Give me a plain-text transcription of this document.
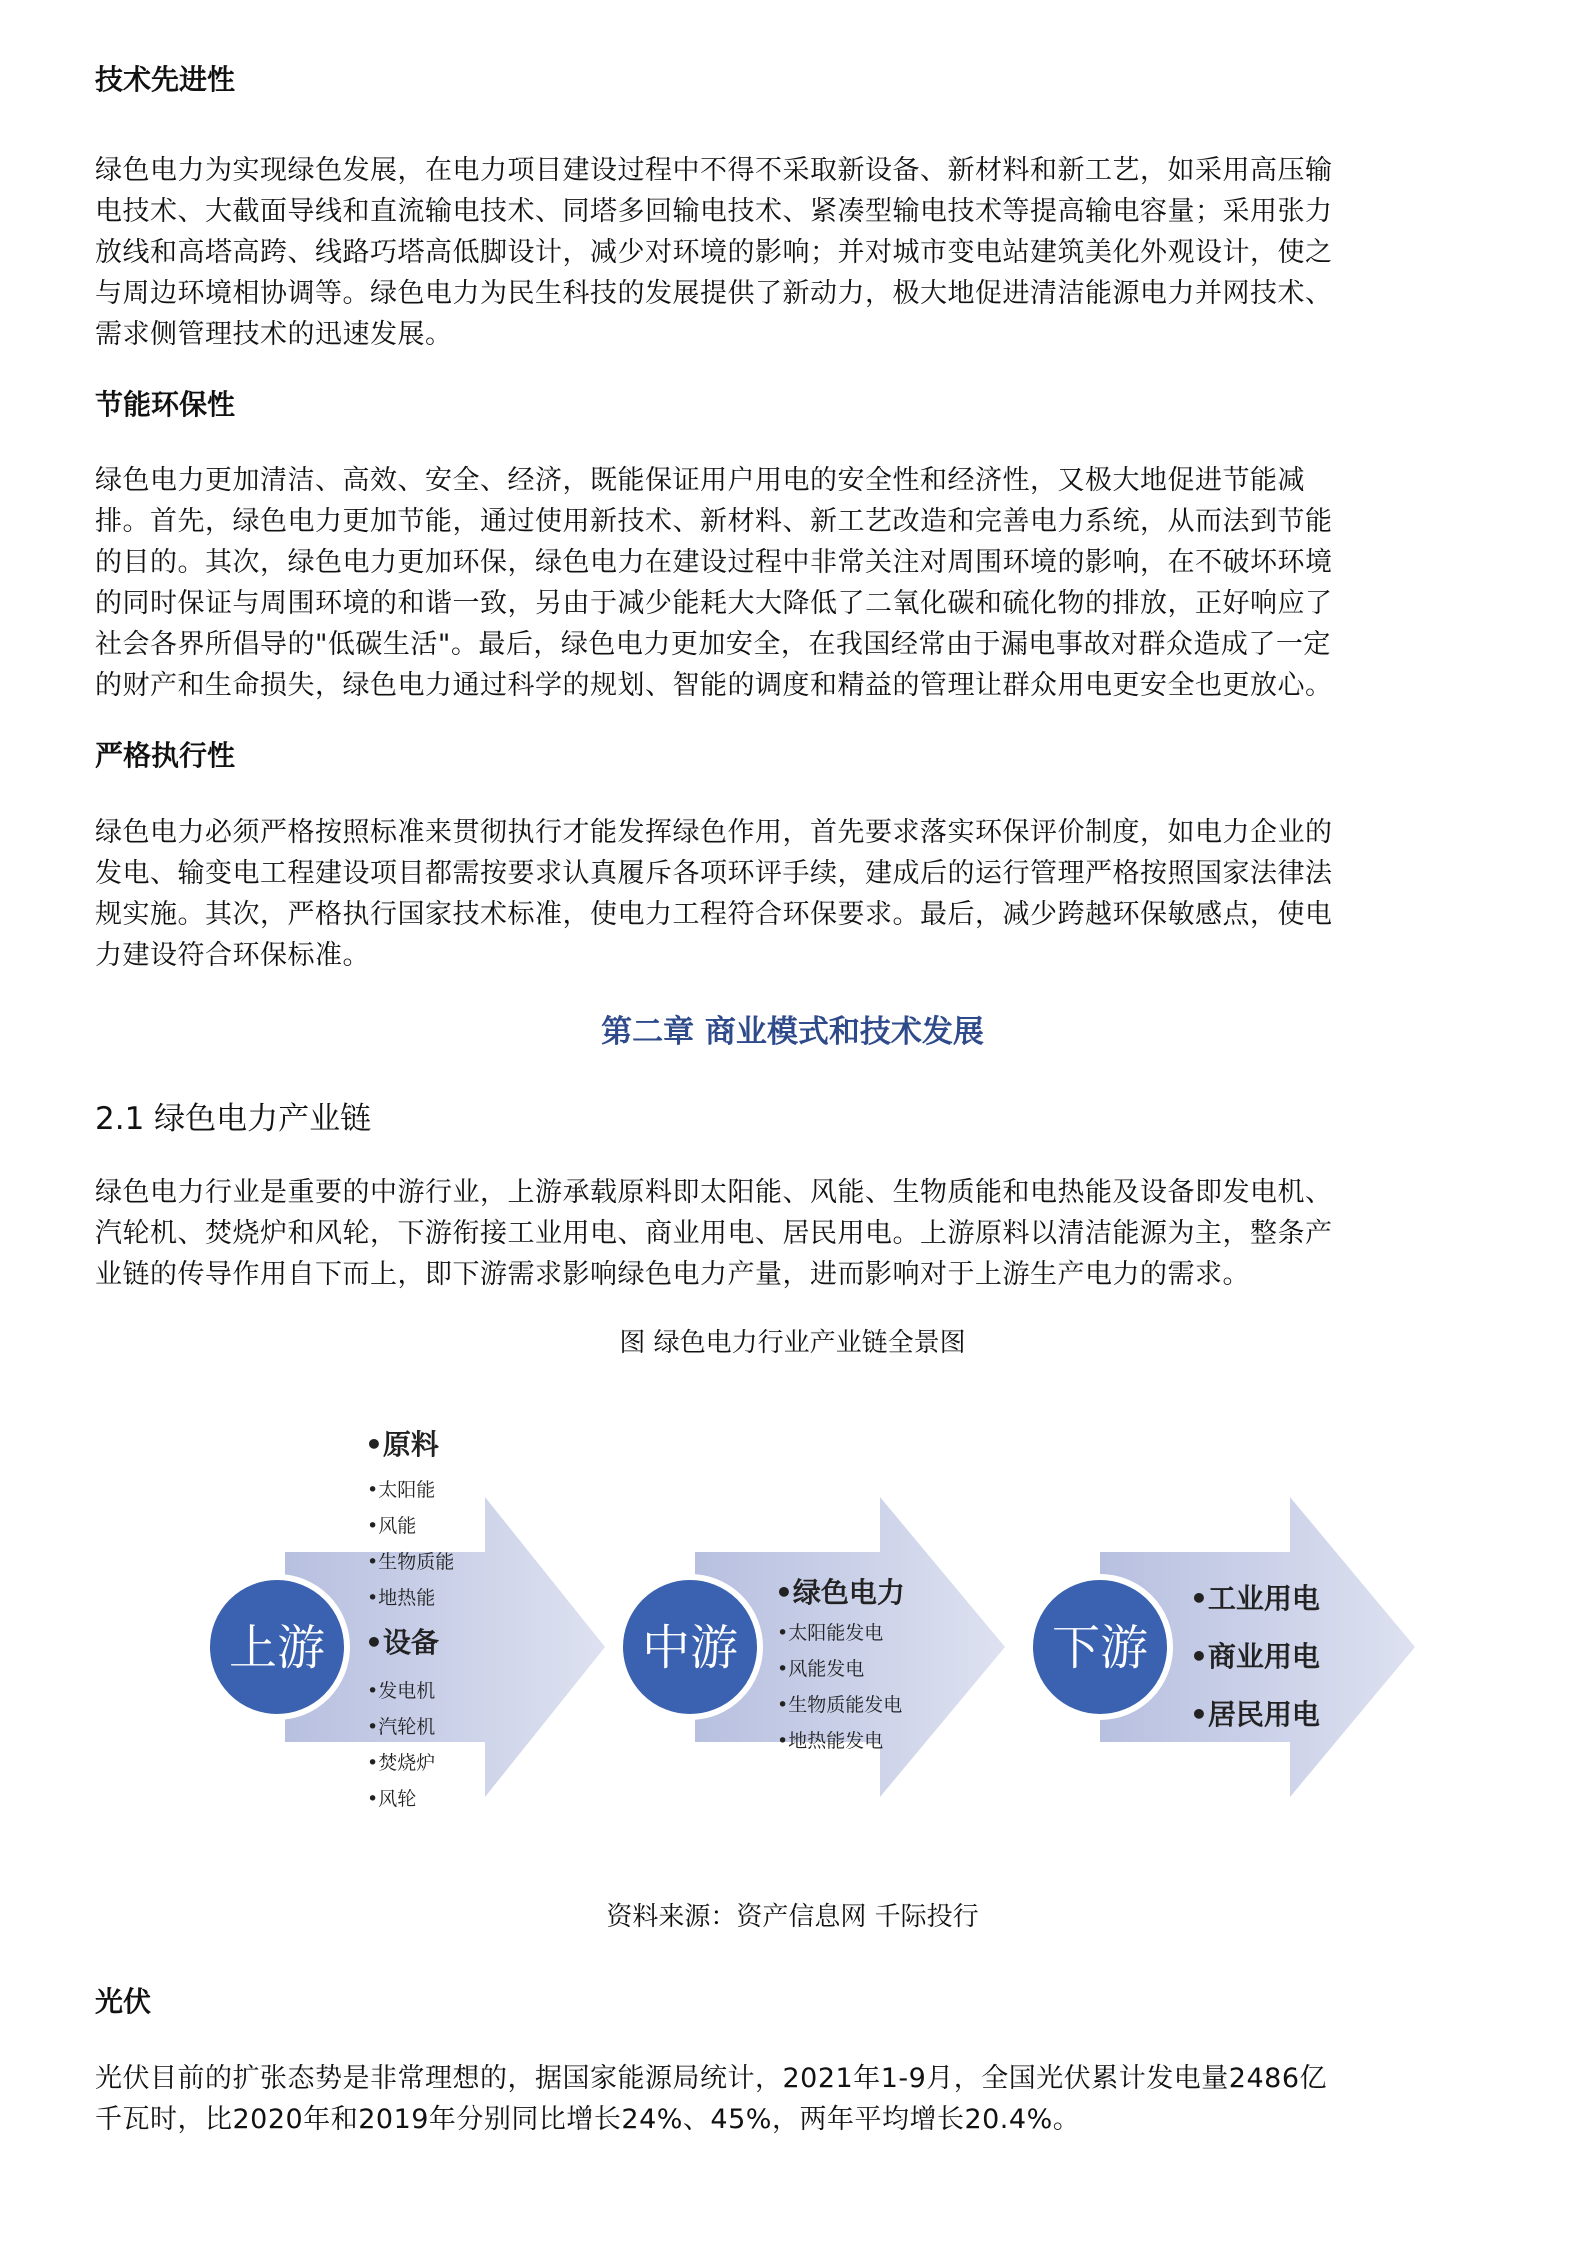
技术先进性

绿色电力为实现绿色发展，在电力项目建设过程中不得不采取新设备、新材料和新工艺，如采用高压输

电技术、大截面导线和直流输电技术、同塔多回输电技术、紧凑型输电技术等提高输电容量；采用张力

放线和高塔高跨、线路巧塔高低脚设计，减少对环境的影响；并对城市变电站建筑美化外观设计，使之

与周边环境相协调等。绿色电力为民生科技的发展提供了新动力，极大地促进清洁能源电力并网技术、

需求侧管理技术的迅速发展。

节能环保性

绿色电力更加清洁、高效、安全、经济，既能保证用户用电的安全性和经济性，又极大地促进节能减

排。首先，绿色电力更加节能，通过使用新技术、新材料、新工艺改造和完善电力系统，从而法到节能

的目的。其次，绿色电力更加环保，绿色电力在建设过程中非常关注对周围环境的影响，在不破坏环境

的同时保证与周围环境的和谐一致，另由于减少能耗大大降低了二氧化碳和硫化物的排放，正好响应了

社会各界所倡导的"低碳生活"。最后，绿色电力更加安全，在我国经常由于漏电事故对群众造成了一定

的财产和生命损失，绿色电力通过科学的规划、智能的调度和精益的管理让群众用电更安全也更放心。

严格执行性

绿色电力必须严格按照标准来贯彻执行才能发挥绿色作用，首先要求落实环保评价制度，如电力企业的

发电、输变电工程建设项目都需按要求认真履斥各项环评手续，建成后的运行管理严格按照国家法律法

规实施。其次，严格执行国家技术标准，使电力工程符合环保要求。最后，减少跨越环保敏感点，使电

力建设符合环保标准。

第二章 商业模式和技术发展

2.1 绿色电力产业链

绿色电力行业是重要的中游行业，上游承载原料即太阳能、风能、生物质能和电热能及设备即发电机、

汽轮机、焚烧炉和风轮，下游衔接工业用电、商业用电、居民用电。上游原料以清洁能源为主，整条产

业链的传导作用自下而上，即下游需求影响绿色电力产量，进而影响对于上游生产电力的需求。

图 绿色电力行业产业链全景图

上游	中游	下游
•原料
•太阳能
•风能
•生物质能
•地热能
•设备
•发电机
•汽轮机
•焚烧炉
•风轮
•绿色电力
•太阳能发电
•风能发电
•生物质能发电
•地热能发电
•工业用电
•商业用电
•居民用电

资料来源：资产信息网 千际投行

光伏

光伏目前的扩张态势是非常理想的，据国家能源局统计，2021年1-9月，全国光伏累计发电量2486亿

千瓦时，比2020年和2019年分别同比增长24%、45%，两年平均增长20.4%。
